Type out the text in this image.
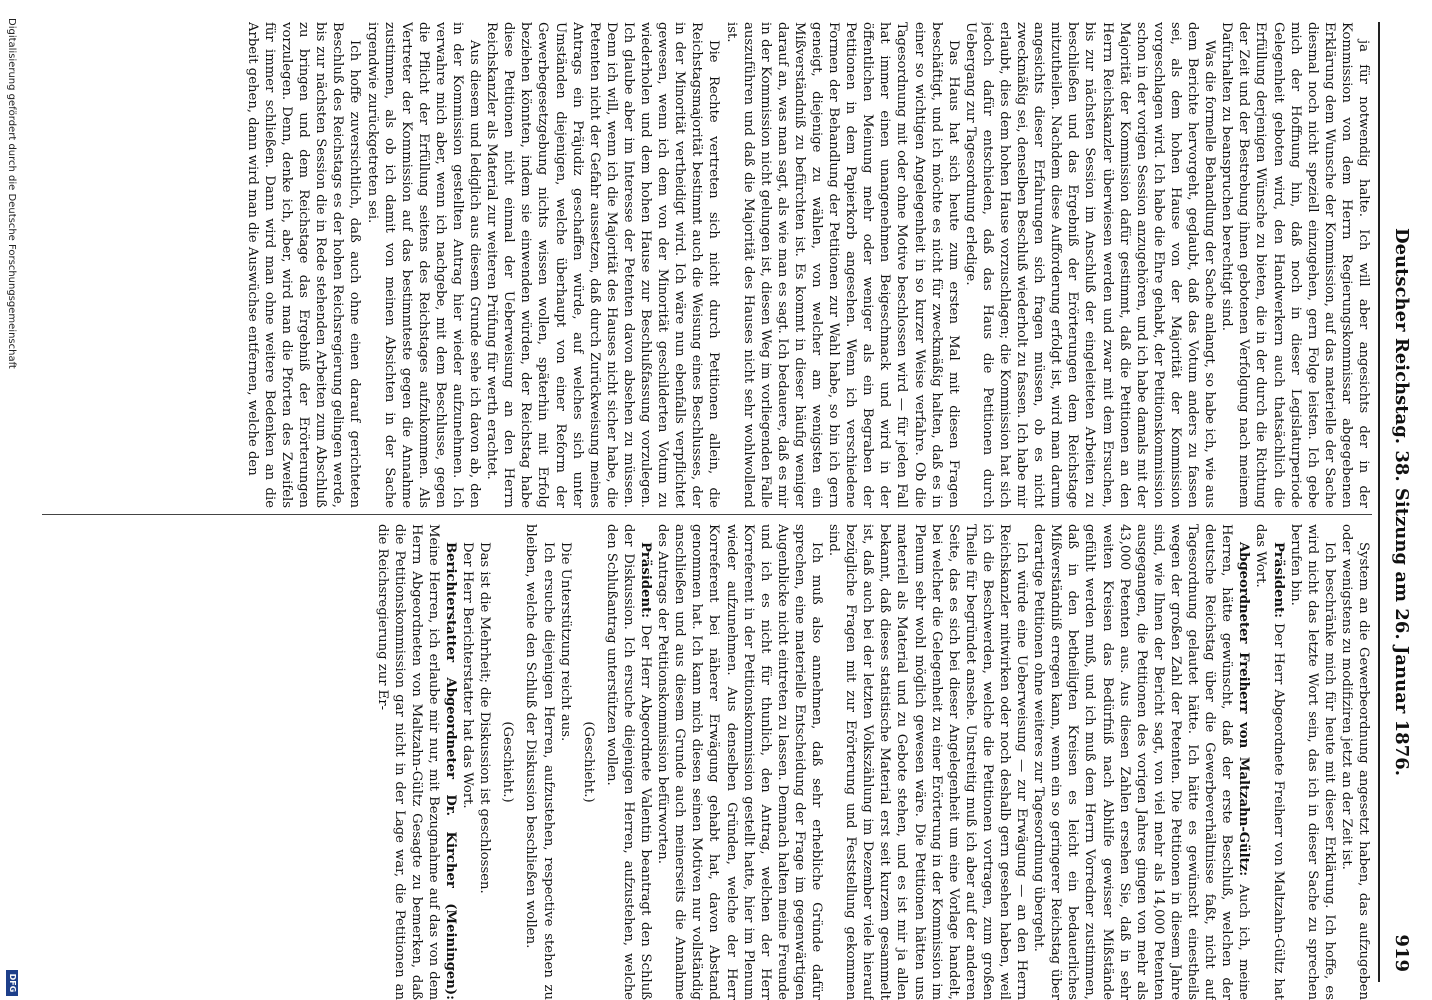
Deutscher Reichstag. 38. Sitzung am 26. Januar 1876.
919

ja für notwendig halte. Ich will aber angesichts der in der Kommission von dem Herrn Regierungskommissar abgegebenen Erklärung dem Wunsche der Kommission, auf das materielle der Sache diesmal noch nicht speziell einzugehen, gern Folge leisten. Ich gebe mich der Hoffnung hin, daß noch in dieser Legislaturperiode Gelegenheit geboten wird, den Handwerkern auch thatsächlich die Erfüllung derjenigen Wünsche zu bieten, die in der durch die Richtung der Zeit und der Bestrebung ihnen gebotenen Verfolgung nach meinem Dafürhalten zu beanspruchen berechtigt sind.

Was die formelle Behandlung der Sache anlangt, so habe ich, wie aus dem Berichte hervorgeht, geglaubt, daß das Votum anders zu fassen sei, als dem hohen Hause von der Majorität der Kommission vorgeschlagen wird. Ich habe die Ehre gehabt, der Petitionskommission schon in der vorigen Session anzugehören, und ich habe damals mit der Majorität der Kommission dafür gestimmt, daß die Petitionen an den Herrn Reichskanzler überwiesen werden und zwar mit dem Ersuchen, bis zur nächsten Session im Anschluß der eingeleiteten Arbeiten zu beschließen und das Ergebniß der Erörterungen dem Reichstage mitzutheilen. Nachdem diese Aufforderung erfolgt ist, wird man darum angesichts dieser Erfahrungen sich fragen müssen, ob es nicht zweckmäßig sei, denselben Beschluß wiederholt zu fassen. Ich habe mir erlaubt, dies dem hohen Hause vorzuschlagen; die Kommission hat sich jedoch dafür entschieden, daß das Haus die Petitionen durch Uebergang zur Tagesordnung erledige.

Das Haus hat sich heute zum ersten Mal mit diesen Fragen beschäftigt, und ich möchte es nicht für zweckmäßig halten, daß es in einer so wichtigen Angelegenheit in so kurzer Weise verfahre. Ob die Tagesordnung mit oder ohne Motive beschlossen wird — für jeden Fall hat immer einen unangenehmen Beigeschmack und wird in der öffentlichen Meinung mehr oder weniger als ein Begraben der Petitionen in dem Papierkorb angesehen. Wenn ich verschiedene Formen der Behandlung der Petitionen zur Wahl habe, so bin ich gern geneigt, diejenige zu wählen, von welcher am wenigsten ein Mißverständniß zu befürchten ist. Es kommt in dieser häufig weniger darauf an, was man sagt, als wie man es sagt. Ich bedauere, daß es mir in der Kommission nicht gelungen ist, diesen Weg im vorliegenden Falle auszuführen und daß die Majorität des Hauses nicht sehr wohlwollend ist.

Die Rechte vertreten sich nicht durch Petitionen allein, die Reichstagsmajorität bestimmt auch die Weisung eines Beschlusses, der in der Minorität vertheidigt wird. Ich wäre nun ebenfalls verpflichtet gewesen, wenn ich dem von der Minorität geschilderten Votum zu wiederholen und dem hohen Hause zur Beschlußfassung vorzulegen. Ich glaube aber im Interesse der Petenten davon absehen zu müssen. Denn ich will, wenn ich die Majorität des Hauses nicht sicher habe, die Petenten nicht der Gefahr aussetzen, daß durch Zurückweisung meines Antrags ein Präjudiz geschaffen würde, auf welches sich unter Umständen diejenigen, welche überhaupt von einer Reform der Gewerbegesetzgebung nichts wissen wollen, späterhin mit Erfolg beziehen könnten, indem sie einwenden würden, der Reichstag habe diese Petitionen nicht einmal der Ueberweisung an den Herrn Reichskanzler als Material zur weiteren Prüfung für werth erachtet.

Aus diesem und lediglich aus diesem Grunde sehe ich davon ab, den in der Kommission gestellten Antrag hier wieder aufzunehmen. Ich verwahre mich aber, wenn ich nachgebe, mit dem Beschlusse, gegen die Pflicht der Erfüllung seitens des Reichstages aufzukommen. Als Vertreter der Kommission auf das bestimmteste gegen die Annahme zustimmen, als ob ich damit von meinen Absichten in der Sache irgendwie zurückgetreten sei.

Ich hoffe zuversichtlich, daß auch ohne einen darauf gerichteten Beschluß des Reichstags es der hohen Reichsregierung gelingen werde, bis zur nächsten Session die in Rede stehenden Arbeiten zum Abschluß zu bringen und dem Reichstage das Ergebniß der Erörterungen vorzulegen. Denn, denke ich, aber, wird man die Pforten des Zweifels für immer schließen. Dann wird man ohne weitere Bedenken an die Arbeit gehen, dann wird man die Auswüchse entfernen, welche den

System an die Gewerbeordnung angesetzt haben, das aufzugeben oder wenigstens zu modifiziren jetzt an der Zeit ist.

Ich beschränke mich für heute mit dieser Erklärung. Ich hoffe, es wird nicht das letzte Wort sein, das ich in dieser Sache zu sprechen berufen bin.

Präsident: Der Herr Abgeordnete Freiherr von Maltzahn-Gültz hat das Wort.

Abgeordneter Freiherr von Maltzahn-Gültz: Auch ich, meine Herren, hätte gewünscht, daß der erste Beschluß, welchen der deutsche Reichstag über die Gewerbeverhältnisse faßt, nicht auf Tagesordnung gelautet hätte. Ich hätte es gewünscht einestheils wegen der großen Zahl der Petenten. Die Petitionen in diesem Jahre sind, wie Ihnen der Bericht sagt, von viel mehr als 14,000 Petenten ausgegangen, die Petitionen des vorigen Jahres gingen von mehr als 43,000 Petenten aus. Aus diesen Zahlen ersehen Sie, daß in sehr weiten Kreisen das Bedürfniß nach Abhilfe gewisser Mißstände gefühlt werden muß, und ich muß dem Herrn Vorredner zustimmen, daß in den betheiligten Kreisen es leicht ein bedauerliches Mißverständniß erregen kann, wenn ein so geringerer Reichstag über derartige Petitionen ohne weiteres zur Tagesordnung übergeht.

Ich würde eine Ueberweisung — zur Erwägung — an den Herrn Reichskanzler mitwirken oder noch deshalb gern gesehen haben, weil ich die Beschwerden, welche die Petitionen vortragen, zum großen Theile für begründet ansehe. Unstreitig muß ich aber auf der anderen Seite, das es sich bei dieser Angelegenheit um eine Vorlage handelt, bei welcher die Gelegenheit zu einer Erörterung in der Kommission im Plenum sehr wohl möglich gewesen wäre. Die Petitionen hätten uns materiell als Material und zu Gebote stehen, und es ist mir ja allen bekannt, daß dieses statistische Material erst seit kurzem gesammelt ist, daß auch bei der letzten Volkszählung im Dezember viele hierauf bezügliche Fragen mit zur Erörterung und Feststellung gekommen sind.

Ich muß also annehmen, daß sehr erhebliche Gründe dafür sprechen, eine materielle Entscheidung der Frage im gegenwärtigen Augenblicke nicht eintreten zu lassen. Demnach halten meine Freunde und ich es nicht für thunlich, den Antrag, welchen der Herr Korreferent in der Petitionskommission gestellt hatte, hier im Plenum wieder aufzunehmen. Aus denselben Gründen, welche der Herr Korreferent bei näherer Erwägung gehabt hat, davon Abstand genommen hat. Ich kann mich diesen seinen Motiven nur vollständig anschließen und aus diesem Grunde auch meinerseits die Annahme des Antrags der Petitionskommission befürworten.

Präsident: Der Herr Abgeordnete Valentin beantragt den Schluß der Diskussion. Ich ersuche diejenigen Herren, aufzustehen, welche den Schlußantrag unterstützen wollen.

(Geschieht.)

Die Unterstützung reicht aus.

Ich ersuche diejenigen Herren, aufzustehen, respective stehen zu bleiben, welche den Schluß der Diskussion beschließen wollen.

(Geschieht.)

Das ist die Mehrheit; die Diskussion ist geschlossen.

Der Herr Berichterstatter hat das Wort.

Berichterstatter Abgeordneter Dr. Kircher (Meiningen): Meine Herren, ich erlaube mir nur, mit Bezugnahme auf das von dem Herrn Abgeordneten von Maltzahn-Gültz Gesagte zu bemerken, daß die Petitionskommission gar nicht in der Lage war, die Petitionen an die Reichsregierung zur Er-

Digitalisierung gefördert durch die Deutsche Forschungsgemeinschaft
DFG
